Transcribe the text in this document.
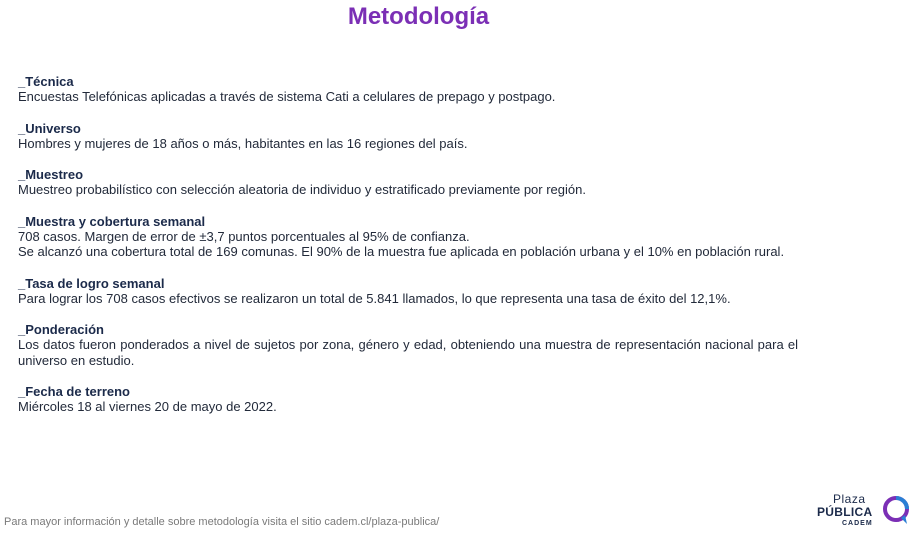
Metodología
_Técnica
Encuestas Telefónicas aplicadas a través de sistema Cati a celulares de prepago y postpago.
_Universo
Hombres y mujeres de 18 años o más, habitantes en las 16 regiones del país.
_Muestreo
Muestreo probabilístico con selección aleatoria de individuo y estratificado previamente por región.
_Muestra y cobertura semanal
708 casos. Margen de error de ±3,7 puntos porcentuales al 95% de confianza.
Se alcanzó una cobertura total de 169 comunas. El 90% de la muestra fue aplicada en población urbana y el 10% en población rural.
_Tasa de logro semanal
Para lograr los 708 casos efectivos se realizaron un total de 5.841 llamados, lo que representa una tasa de éxito del 12,1%.
_Ponderación
Los datos fueron ponderados a nivel de sujetos por zona, género y edad, obteniendo una muestra de representación nacional para el universo en estudio.
_Fecha de terreno
Miércoles 18 al viernes 20 de mayo de 2022.
Para mayor información y detalle sobre metodología visita el sitio cadem.cl/plaza-publica/
Plaza
PÚBLICA
CADEM
